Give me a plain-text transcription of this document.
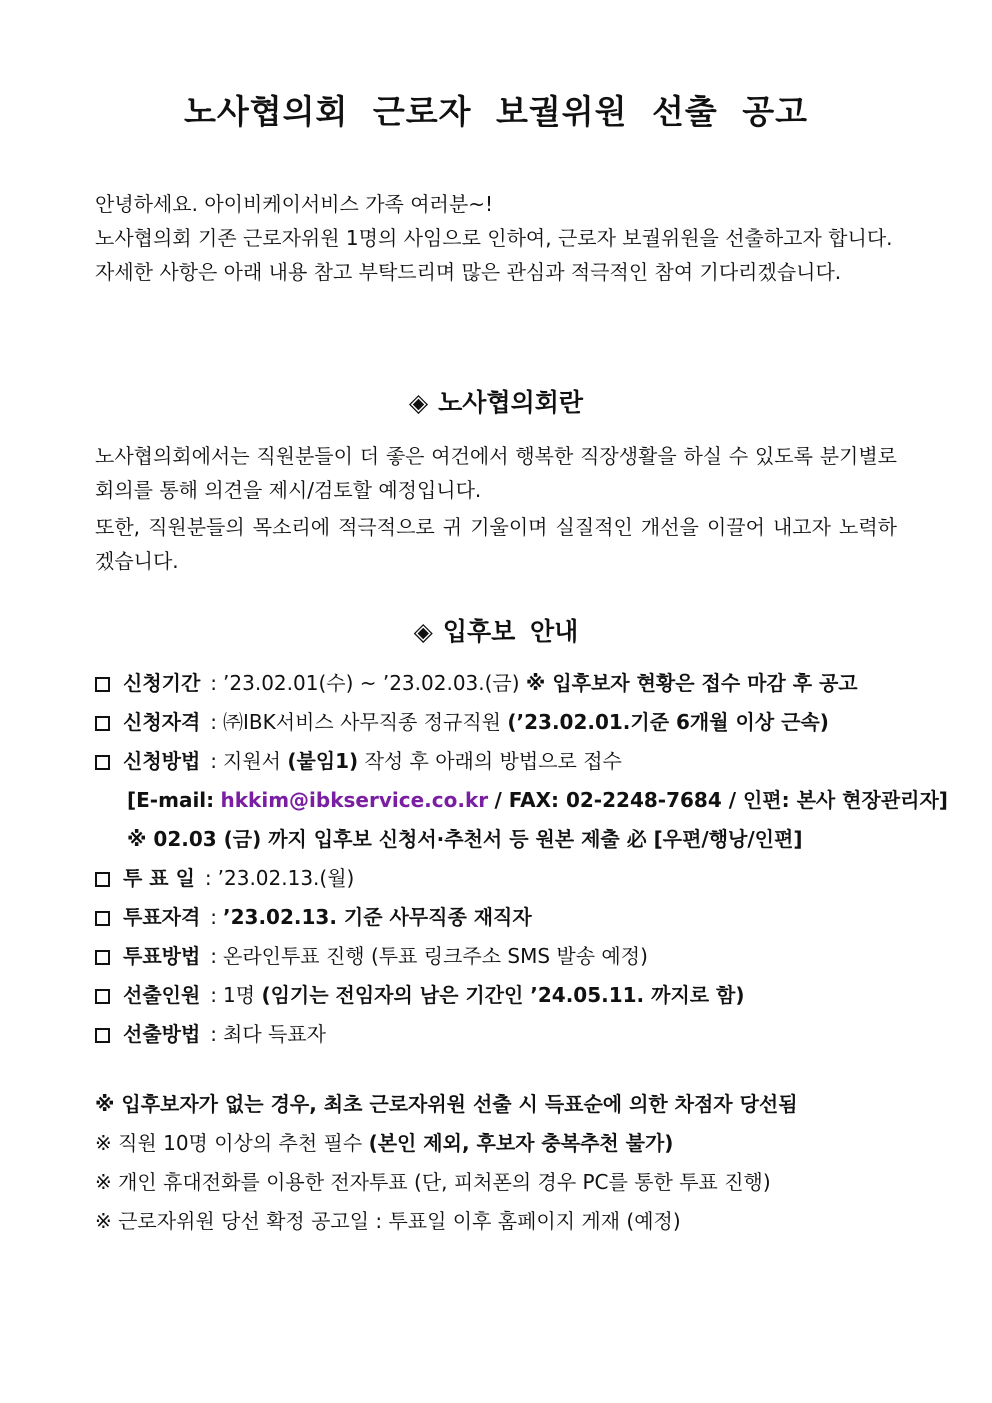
노사협의회 근로자 보궐위원 선출 공고

안녕하세요. 아이비케이서비스 가족 여러분~!

노사협의회 기존 근로자위원 1명의 사임으로 인하여, 근로자 보궐위원을 선출하고자 합니다.

자세한 사항은 아래 내용 참고 부탁드리며 많은 관심과 적극적인 참여 기다리겠습니다.

◈ 노사협의회란

노사협의회에서는 직원분들이 더 좋은 여건에서 행복한 직장생활을 하실 수 있도록 분기별로 회의를 통해 의견을 제시/검토할 예정입니다.

또한, 직원분들의 목소리에 적극적으로 귀 기울이며 실질적인 개선을 이끌어 내고자 노력하겠습니다.

◈ 입후보 안내
신청기간 : ’23.02.01(수) ~ ’23.02.03.(금) ※ 입후보자 현황은 접수 마감 후 공고
신청자격 : ㈜IBK서비스 사무직종 정규직원 (’23.02.01.기준 6개월 이상 근속)
신청방법 : 지원서 (붙임1) 작성 후 아래의 방법으로 접수
[E-mail: hkkim@ibkservice.co.kr / FAX: 02-2248-7684 / 인편: 본사 현장관리자]
※ 02.03 (금) 까지 입후보 신청서·추천서 등 원본 제출 必 [우편/행낭/인편]
투 표 일 : ’23.02.13.(월)
투표자격 : ’23.02.13. 기준 사무직종 재직자
투표방법 : 온라인투표 진행 (투표 링크주소 SMS 발송 예정)
선출인원 : 1명 (임기는 전임자의 남은 기간인 ’24.05.11. 까지로 함)
선출방법 : 최다 득표자
※ 입후보자가 없는 경우, 최초 근로자위원 선출 시 득표순에 의한 차점자 당선됨
※ 직원 10명 이상의 추천 필수 (본인 제외, 후보자 충복추천 불가)
※ 개인 휴대전화를 이용한 전자투표 (단, 피처폰의 경우 PC를 통한 투표 진행)
※ 근로자위원 당선 확정 공고일 : 투표일 이후 홈페이지 게재 (예정)
